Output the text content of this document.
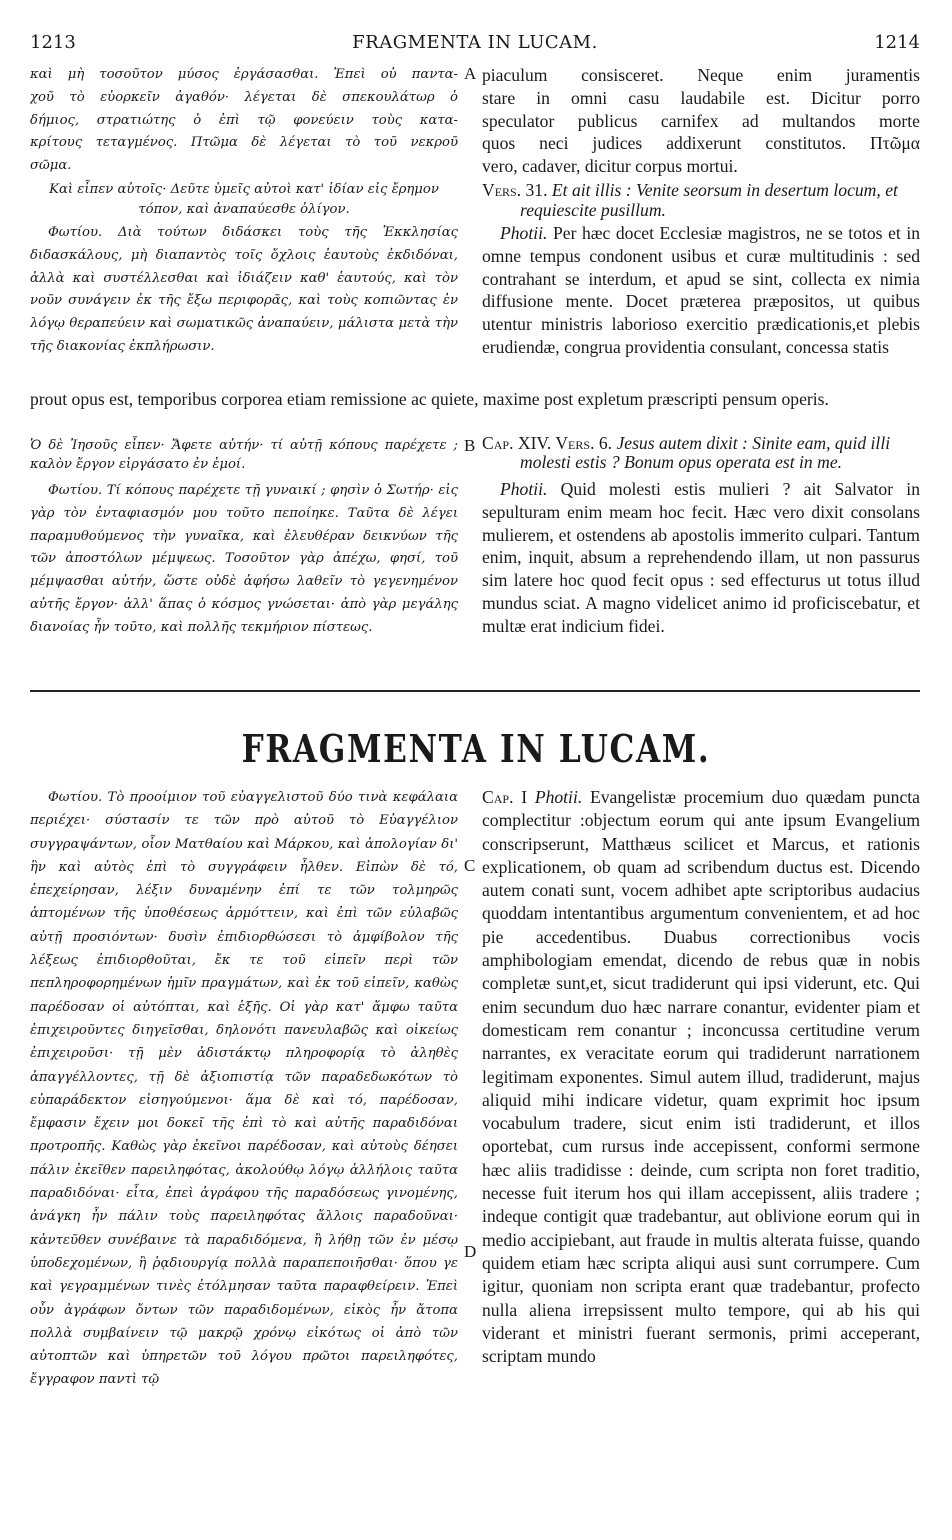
1213	FRAGMENTA IN LUCAM.	1214
καὶ μὴ τοσοῦτον μύσος ἐργάσασθαι. Ἐπεὶ οὐ παντα-
χοῦ τὸ εὐορκεῖν ἀγαθόν· λέγεται δὲ σπεκουλάτωρ ὁ
δήμιος, στρατιώτης ὁ ἐπὶ τῷ φονεύειν τοὺς κατα-
κρίτους τεταγμένος. Πτῶμα δὲ λέγεται τὸ τοῦ νεκροῦ
σῶμα.

Καὶ εἶπεν αὐτοῖς· Δεῦτε ὑμεῖς αὐτοὶ κατ' ἰδίαν εἰς ἔρημον τόπον, καὶ ἀναπαύεσθε ὀλίγον.

Φωτίου. Διὰ τούτων διδάσκει τοὺς τῆς Ἐκκλησίας διδασκάλους, μὴ διαπαντὸς τοῖς ὄχλοις ἑαυτοὺς ἐκδιδόναι, ἀλλὰ καὶ συστέλλεσθαι καὶ ἰδιάζειν καθ' ἑαυτούς, καὶ τὸν νοῦν συνάγειν ἐκ τῆς ἔξω περιφορᾶς, καὶ τοὺς κοπιῶντας ἐν λόγῳ θεραπεύειν καὶ σωματικῶς ἀναπαύειν, μάλιστα μετὰ τὴν τῆς διακονίας ἐκπλήρωσιν.

A piaculum consisceret. Neque enim juramentis
stare in omni casu laudabile est. Dicitur porro
speculator publicus carnifex ad multandos morte
quos neci judices addixerunt constitutos. Πτῶμα
vero, cadaver, dicitur corpus mortui.

Vers. 31. Et ait illis : Venite seorsum in desertum locum, et requiescite pusillum.

Photii. Per hæc docet Ecclesiæ magistros, ne se totos et in omne tempus condonent usibus et curæ multitudinis : sed contrahant se interdum, et apud se sint, collecta ex nimia diffusione mente. Docet præterea præpositos, ut quibus utentur ministris laborioso exercitio prædicationis,et plebis erudiendæ, congrua providentia consulant, concessa statis

prout opus est, temporibus corporea etiam remissione ac quiete, maxime post expletum præscripti pensum operis.

Ὁ δὲ Ἰησοῦς εἶπεν· Ἄφετε αὐτήν· τί αὐτῇ κόπους παρέχετε ; καλὸν ἔργον εἰργάσατο ἐν ἐμοί.

Φωτίου. Τί κόπους παρέχετε τῇ γυναικί ; φησὶν ὁ Σωτήρ· εἰς γὰρ τὸν ἐνταφιασμόν μου τοῦτο πεποίηκε. Ταῦτα δὲ λέγει παραμυθούμενος τὴν γυναῖκα, καὶ ἐλευθέραν δεικνύων τῆς τῶν ἀποστόλων μέμψεως. Τοσοῦτον γὰρ ἀπέχω, φησί, τοῦ μέμψασθαι αὐτήν, ὥστε οὐδὲ ἀφήσω λαθεῖν τὸ γεγενημένον αὐτῆς ἔργον· ἀλλ' ἅπας ὁ κόσμος γνώσεται· ἀπὸ γὰρ μεγάλης διανοίας ἦν τοῦτο, καὶ πολλῆς τεκμήριον πίστεως.

B Cap. XIV. Vers. 6. Jesus autem dixit : Sinite eam, quid illi molesti estis ? Bonum opus operata est in me.

Photii. Quid molesti estis mulieri ? ait Salvator in sepulturam enim meam hoc fecit. Hæc vero dixit consolans mulierem, et ostendens ab apostolis immerito culpari. Tantum enim, inquit, absum a reprehendendo illam, ut non passurus sim latere hoc quod fecit opus : sed effecturus ut totus illud mundus sciat. A magno videlicet animo id proficiscebatur, et multæ erat indicium fidei.

FRAGMENTA IN LUCAM.

Φωτίου. Τὸ προοίμιον τοῦ εὐαγγελιστοῦ δύο τινὰ κεφάλαια περιέχει· σύστασίν τε τῶν πρὸ αὐτοῦ τὸ Εὐαγγέλιον συγγραψάντων, οἷον Ματθαίου καὶ Μάρκου, καὶ ἀπολογίαν δι' ἣν καὶ αὐτὸς ἐπὶ τὸ συγγράφειν ἦλθεν. Εἰπὼν δὲ τό, ἐπεχείρησαν, λέξιν δυναμένην ἐπί τε τῶν τολμηρῶς ἁπτομένων τῆς ὑποθέσεως ἁρμόττειν, καὶ ἐπὶ τῶν εὐλαβῶς αὐτῇ προσιόντων· δυσὶν ἐπιδιορθώσεσι τὸ ἀμφίβολον τῆς λέξεως ἐπιδιορθοῦται, ἔκ τε τοῦ εἰπεῖν περὶ τῶν πεπληροφορημένων ἡμῖν πραγμάτων, καὶ ἐκ τοῦ εἰπεῖν, καθὼς παρέδοσαν οἱ αὐτόπται, καὶ ἑξῆς. Οἱ γὰρ κατ' ἄμφω ταῦτα ἐπιχειροῦντες διηγεῖσθαι, δηλονότι πανευλαβῶς καὶ οἰκείως ἐπιχειροῦσι· τῇ μὲν ἀδιστάκτῳ πληροφορίᾳ τὸ ἀληθὲς ἀπαγγέλλοντες, τῇ δὲ ἀξιοπιστίᾳ τῶν παραδεδωκότων τὸ εὐπαράδεκτον εἰσηγούμενοι· ἅμα δὲ καὶ τό, παρέδοσαν, ἔμφασιν ἔχειν μοι δοκεῖ τῆς ἐπὶ τὸ καὶ αὐτῆς παραδιδόναι προτροπῆς. Καθὼς γὰρ ἐκεῖνοι παρέδοσαν, καὶ αὐτοὺς δέησει πάλιν ἐκεῖθεν παρειληφότας, ἀκολούθῳ λόγῳ ἀλλήλοις ταῦτα παραδιδόναι· εἶτα, ἐπεὶ ἀγράφου τῆς παραδόσεως γινομένης, ἀνάγκη ἦν πάλιν τοὺς παρειληφότας ἄλλοις παραδοῦναι· κἀντεῦθεν συνέβαινε τὰ παραδιδόμενα, ἢ λήθῃ τῶν ἐν μέσῳ ὑποδεχομένων, ἢ ῥᾳδιουργίᾳ πολλὰ παραπεποιῆσθαι· ὅπου γε καὶ γεγραμμένων τινὲς ἐτόλμησαν ταῦτα παραφθείρειν. Ἐπεὶ οὖν ἀγράφων ὄντων τῶν παραδιδομένων, εἰκὸς ἦν ἄτοπα πολλὰ συμβαίνειν τῷ μακρῷ χρόνῳ εἰκότως οἱ ἀπὸ τῶν αὐτοπτῶν καὶ ὑπηρετῶν τοῦ λόγου πρῶτοι παρειληφότες, ἔγγραφον παντὶ τῷ

C
D

Cap. I Photii. Evangelistæ procemium duo quædam puncta complectitur :objectum eorum qui ante ipsum Evangelium conscripserunt, Matthæus scilicet et Marcus, et rationis explicationem, ob quam ad scribendum ductus est. Dicendo autem conati sunt, vocem adhibet apte scriptoribus audacius quoddam intentantibus argumentum convenientem, et ad hoc pie accedentibus. Duabus correctionibus vocis amphibologiam emendat, dicendo de rebus quæ in nobis completæ sunt,et, sicut tradiderunt qui ipsi viderunt, etc. Qui enim secundum duo hæc narrare conantur, evidenter piam et domesticam rem conantur ; inconcussa certitudine verum narrantes, ex veracitate eorum qui tradiderunt narrationem legitimam exponentes. Simul autem illud, tradiderunt, majus aliquid mihi indicare videtur, quam exprimit hoc ipsum vocabulum tradere, sicut enim isti tradiderunt, et illos oportebat, cum rursus inde accepissent, conformi sermone hæc aliis tradidisse : deinde, cum scripta non foret traditio, necesse fuit iterum hos qui illam accepissent, aliis tradere ; indeque contigit quæ tradebantur, aut oblivione eorum qui in medio accipiebant, aut fraude in multis alterata fuisse, quando quidem etiam hæc scripta aliqui ausi sunt corrumpere. Cum igitur, quoniam non scripta erant quæ tradebantur, profecto nulla aliena irrepsissent multo tempore, qui ab his qui viderant et ministri fuerant sermonis, primi acceperant, scriptam mundo
